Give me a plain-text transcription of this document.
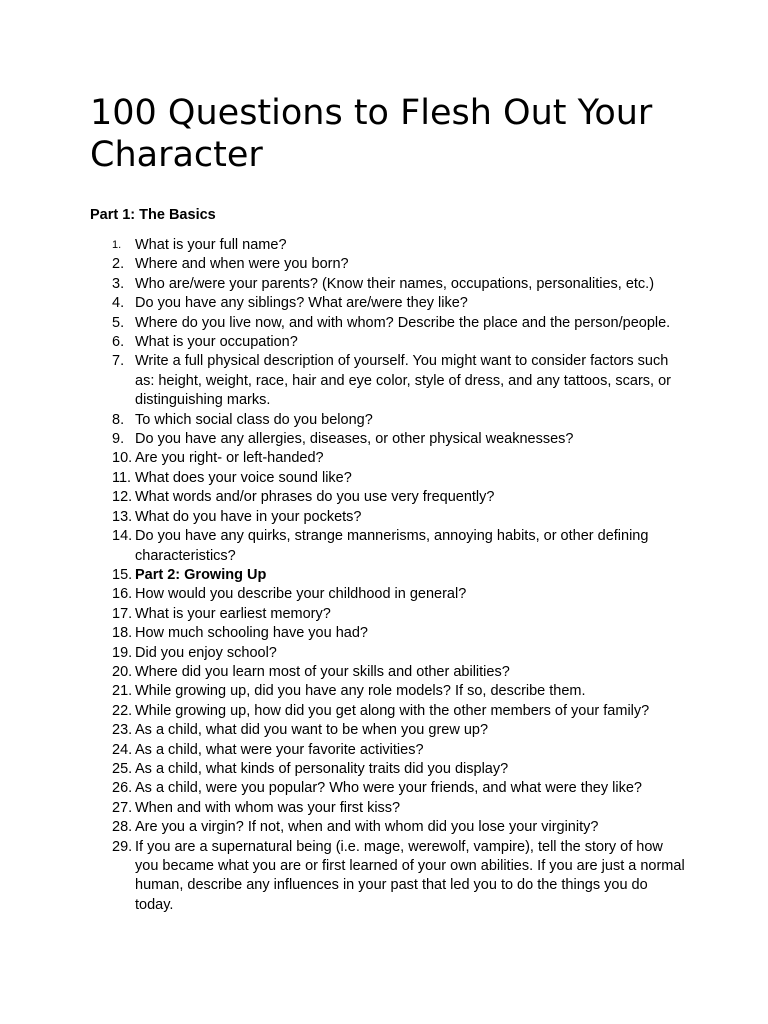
100 Questions to Flesh Out Your Character
Part 1: The Basics
1. What is your full name?
2. Where and when were you born?
3. Who are/were your parents? (Know their names, occupations, personalities, etc.)
4. Do you have any siblings? What are/were they like?
5. Where do you live now, and with whom? Describe the place and the person/people.
6. What is your occupation?
7. Write a full physical description of yourself. You might want to consider factors such as: height, weight, race, hair and eye color, style of dress, and any tattoos, scars, or distinguishing marks.
8. To which social class do you belong?
9. Do you have any allergies, diseases, or other physical weaknesses?
10. Are you right- or left-handed?
11. What does your voice sound like?
12. What words and/or phrases do you use very frequently?
13. What do you have in your pockets?
14. Do you have any quirks, strange mannerisms, annoying habits, or other defining characteristics?
15. Part 2: Growing Up
16. How would you describe your childhood in general?
17. What is your earliest memory?
18. How much schooling have you had?
19. Did you enjoy school?
20. Where did you learn most of your skills and other abilities?
21. While growing up, did you have any role models? If so, describe them.
22. While growing up, how did you get along with the other members of your family?
23. As a child, what did you want to be when you grew up?
24. As a child, what were your favorite activities?
25. As a child, what kinds of personality traits did you display?
26. As a child, were you popular? Who were your friends, and what were they like?
27. When and with whom was your first kiss?
28. Are you a virgin? If not, when and with whom did you lose your virginity?
29. If you are a supernatural being (i.e. mage, werewolf, vampire), tell the story of how you became what you are or first learned of your own abilities. If you are just a normal human, describe any influences in your past that led you to do the things you do today.
